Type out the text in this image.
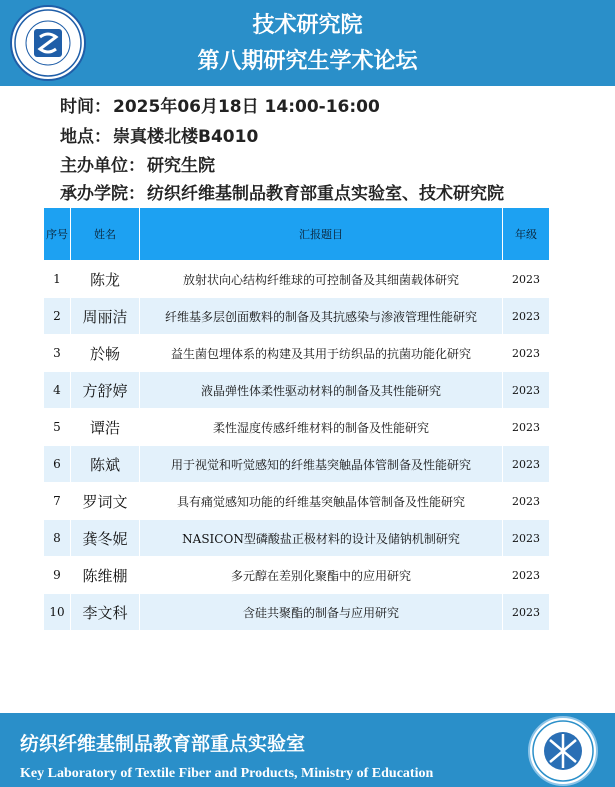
技术研究院
第八期研究生学术论坛
时间： 2025年06月18日 14:00-16:00
地点： 崇真楼北楼B4010
主办单位： 研究生院
承办学院： 纺织纤维基制品教育部重点实验室、技术研究院
序号	姓名	汇报题目	年级
1	陈龙	放射状向心结构纤维球的可控制备及其细菌载体研究	2023
2	周丽洁	纤维基多层创面敷料的制备及其抗感染与渗液管理性能研究	2023
3	於畅	益生菌包埋体系的构建及其用于纺织品的抗菌功能化研究	2023
4	方舒婷	液晶弹性体柔性驱动材料的制备及其性能研究	2023
5	谭浩	柔性湿度传感纤维材料的制备及性能研究	2023
6	陈斌	用于视觉和听觉感知的纤维基突触晶体管制备及性能研究	2023
7	罗词文	具有痛觉感知功能的纤维基突触晶体管制备及性能研究	2023
8	龚冬妮	NASICON型磷酸盐正极材料的设计及储钠机制研究	2023
9	陈维棚	多元醇在差别化聚酯中的应用研究	2023
10	李文科	含硅共聚酯的制备与应用研究	2023
纺织纤维基制品教育部重点实验室
Key Laboratory of Textile Fiber and Products, Ministry of Education
